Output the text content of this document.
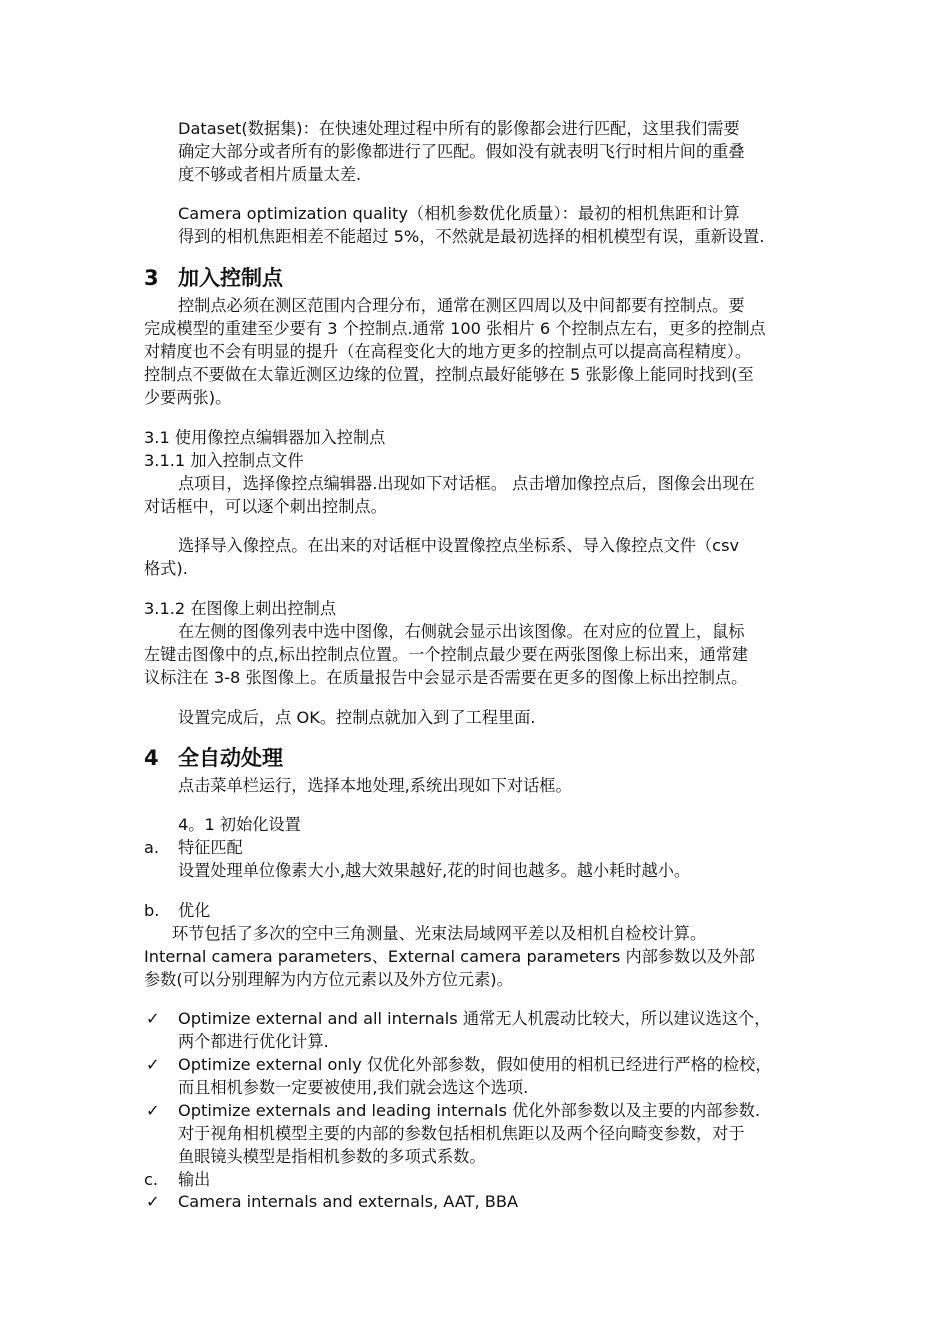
Dataset(数据集)：在快速处理过程中所有的影像都会进行匹配，这里我们需要
确定大部分或者所有的影像都进行了匹配。假如没有就表明飞行时相片间的重叠
度不够或者相片质量太差.
Camera optimization quality（相机参数优化质量）：最初的相机焦距和计算
得到的相机焦距相差不能超过 5%，不然就是最初选择的相机模型有误，重新设置.
3 加入控制点
控制点必须在测区范围内合理分布，通常在测区四周以及中间都要有控制点。要
完成模型的重建至少要有 3 个控制点.通常 100 张相片 6 个控制点左右，更多的控制点
对精度也不会有明显的提升（在高程变化大的地方更多的控制点可以提高高程精度）。
控制点不要做在太靠近测区边缘的位置，控制点最好能够在 5 张影像上能同时找到(至
少要两张)。
3.1 使用像控点编辑器加入控制点
3.1.1 加入控制点文件
点项目，选择像控点编辑器.出现如下对话框。 点击增加像控点后，图像会出现在
对话框中，可以逐个刺出控制点。
选择导入像控点。在出来的对话框中设置像控点坐标系、导入像控点文件（csv
格式).
3.1.2 在图像上刺出控制点
在左侧的图像列表中选中图像，右侧就会显示出该图像。在对应的位置上，鼠标
左键击图像中的点,标出控制点位置。一个控制点最少要在两张图像上标出来，通常建
议标注在 3-8 张图像上。在质量报告中会显示是否需要在更多的图像上标出控制点。
设置完成后，点 OK。控制点就加入到了工程里面.
4 全自动处理
点击菜单栏运行，选择本地处理,系统出现如下对话框。
4。1 初始化设置
a. 特征匹配
设置处理单位像素大小,越大效果越好,花的时间也越多。越小耗时越小。
b. 优化
环节包括了多次的空中三角测量、光束法局域网平差以及相机自检校计算。
Internal camera parameters、External camera parameters 内部参数以及外部
参数(可以分别理解为内方位元素以及外方位元素)。
✓ Optimize external and all internals 通常无人机震动比较大，所以建议选这个，
两个都进行优化计算.
✓ Optimize external only 仅优化外部参数，假如使用的相机已经进行严格的检校，
而且相机参数一定要被使用,我们就会选这个选项.
✓ Optimize externals and leading internals 优化外部参数以及主要的内部参数.
对于视角相机模型主要的内部的参数包括相机焦距以及两个径向畸变参数，对于
鱼眼镜头模型是指相机参数的多项式系数。
c. 输出
✓ Camera internals and externals, AAT, BBA
